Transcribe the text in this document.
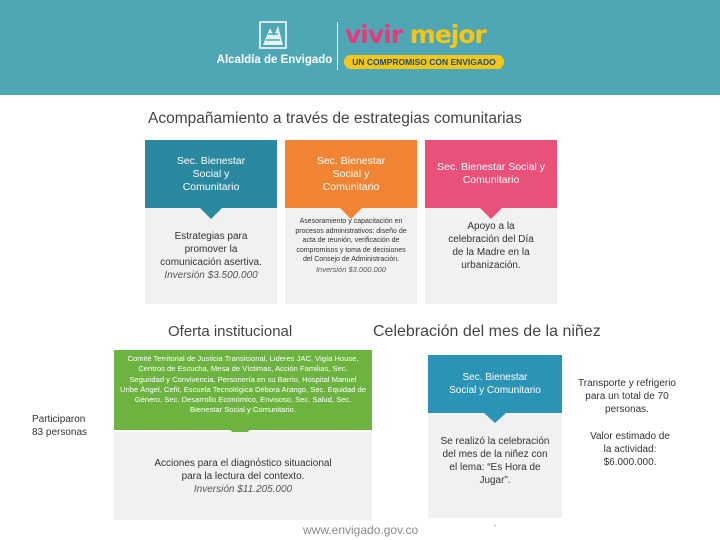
Alcaldía de Envigado
vivir mejor
UN COMPROMISO CON ENVIGADO
Acompañamiento a través de estrategias comunitarias
Sec. Bienestar Social y Comunitario
Estrategias para promover la comunicación asertiva.
Inversión $3.500.000
Sec. Bienestar Social y Comunitario
Asesoramiento y capacitación en procesos administrativos: diseño de acta de reunión, verificación de compromisos y toma de decisiones del Consejo de Administración.
Inversión $3.000.000
Sec. Bienestar Social y Comunitario
Apoyo a la celebración del Día de la Madre en la urbanización.
Oferta institucional
Comité Territorial de Justicia Transicional, Lideres JAC, Vigía House, Centros de Escucha, Mesa de Víctimas, Acción Familias, Sec. Seguridad y Convivencia, Personería en su Barrio, Hospital Manuel Uribe Ángel, Cefit, Escuela Tecnológica Débora Arango, Sec. Equidad de Género, Sec. Desarrollo Económico, Envisoso, Sec. Salud, Sec. Bienestar Social y Comunitario.
Participaron 83 personas
Acciones para el diagnóstico situacional para la lectura del contexto.
Inversión $11.205.000
Celebración del mes de la niñez
Sec. Bienestar Social y Comunitario
Se realizó la celebración del mes de la niñez con el lema: “Es Hora de Jugar”.
Transporte y refrigerio para un total de 70 personas.
Valor estimado de la actividad: $6.000.000.
.
www.envigado.gov.co
